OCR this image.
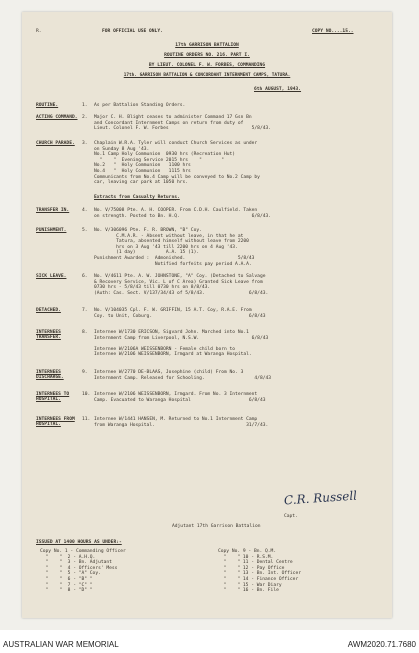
R.	FOR OFFICIAL USE ONLY.	COPY NO....15..
17th GARRISON BATTALION
ROUTINE ORDERS NO. 216. PART I.
BY LIEUT. COLONEL F. W. FORBES, COMMANDING
17th. GARRISON BATTALION & CONCORDANT INTERNMENT CAMPS, TATURA.
6th AUGUST, 1943.
ROUTINE.	1.	As per Battalion Standing Orders.
ACTING COMMAND. 2.	Major C. H. Blight ceases to administer Command 17 Gsn Bn
and Concordant Internment Camps on return from duty of
Lieut. Colonel F. W. Forbes                              5/8/43.
CHURCH PARADE.	3.	Chaplain W.R.A. Tyler will conduct Church Services as under
on Sunday 8 Aug '43.
No.1 Camp Holy Communion  0930 hrs (Recreation Hut)
"    "  Evening Service 2015 hrs    "       "
No.2   "  Holy Communion   1100 hrs
No.4   "  Holy Communion   1115 hrs
Communicants from No.4 Camp will be conveyed to No.2 Camp by
car, leaving car park at 1050 hrs.
Extracts from Casualty Returns.
TRANSFER IN.	4.	No. V/75008 Pte. A. H. COOPER. From C.D.H. Caulfield. Taken
on strength. Posted to Bn. H.Q.                          6/8/43.
PUNISHMENT.	5.	No. V/306096 Pte. F. R. BROWN, "B" Coy.
C.M.A.R. - Absent without leave, in that he at
Tatura, absented himself without leave from 2200
hrs on 3 Aug '43 till 2200 hrs on 4 Aug '43.
(1 day)           A.A. 15 (1).
Punishment Awarded :  Admonished.                   5/8/43
Notified forfeits pay period A.A.A.
SICK LEAVE.	6.	No. V/4611 Pte. A. W. JOHNSTONE, "A" Coy. (Detached to Salvage
& Recovery Service, Vic. L of C Area) Granted Sick Leave from
0730 hrs - 5/8/43 till 0730 hrs on 8/8/43.
(Auth: Cas. Sect. V/137/34/43 of 5/8/43.                6/8/43.
DETACHED.	7.	No. V/104035 Cpl. F. W. GRIFFIN, 15 A.T. Coy, R.A.E. From
Coy. to Unit, Coburg.                                   6/8/43
INTERNEES TRANSFER.
8.	Internee W/1730 ERICSON, Sigvard John. Marched into No.1
Internment Camp from Liverpool, N.S.W.                   6/8/43

Internee W/2106A WEISSENBORN - Female child born to
Internee W/2106 WEISSENBORN, Irmgard at Waranga Hospital.
INTERNEES DISCHARGE.
9.	Internee W/2770 DE-BLAAS, Josephine (child) From No. 3
Internment Camp. Released for Schooling.                  4/8/43
INTERNEES TO HOSPITAL.
10. Internee W/2106 WEISSENBORN, Irmgard. From No. 3 Internment
Camp. Evacuated to Waranga Hospital                     6/8/43
INTERNEES FROM HOSPITAL.
11. Internee W/1441 HANSEN, M. Returned to No.1 Internment Camp
from Waranga Hospital.                                 31/7/43.
C.R. Russell
Capt.
Adjutant 17th Garrison Battalion
ISSUED AT 1400 HOURS AS UNDER:-
Copy No. 1 - Commanding Officer
"    "  2 - A.H.Q.
"    "  3 - Bn. Adjutant
"    "  4 - Officers' Mess
"    "  5 - "A" Coy.
"    "  6 - "B" "
"    "  7 - "C" "
"    "  8 - "D" "
Copy No. 9 - Bn. Q.M.
"    " 10 - R.S.M.
"    " 11 - Dental Centre
"    " 12 - Pay Office
"    " 13 - Bn. Int. Officer
"    " 14 - Finance Officer
"    " 15 - War Diary
"    " 16 - Bn. File
AUSTRALIAN WAR MEMORIAL	AWM2020.71.7680
